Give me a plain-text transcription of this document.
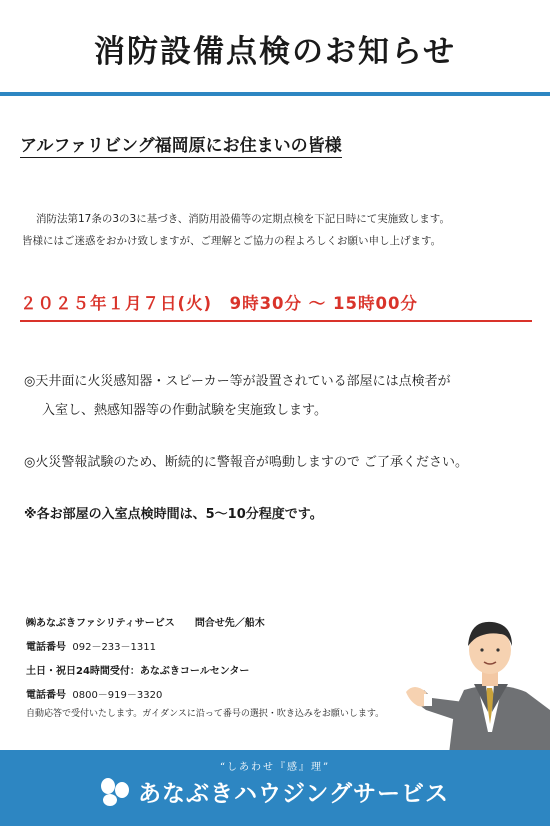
消防設備点検のお知らせ
アルファリビング福岡原にお住まいの皆様
消防法第17条の3の3に基づき、消防用設備等の定期点検を下記日時にて実施致します。
皆様にはご迷惑をおかけ致しますが、ご理解とご協力の程よろしくお願い申し上げます。
２０２５年１月７日(火)　9時30分 ～ 15時00分
◎天井面に火災感知器・スピーカー等が設置されている部屋には点検者が
入室し、熱感知器等の作動試験を実施致します。
◎火災警報試験のため、断続的に警報音が鳴動しますので ご了承ください。
※各お部屋の入室点検時間は、5～10分程度です。
㈱あなぶきファシリティサービス 問合せ先／船木
電話番号 092－233－1311
土日・祝日24時間受付：あなぶきコールセンター
電話番号 0800－919－3320
自動応答で受付いたします。ガイダンスに沿って番号の選択・吹き込みをお願いします。
“しあわせ『感』理”
あなぶきハウジングサービス
